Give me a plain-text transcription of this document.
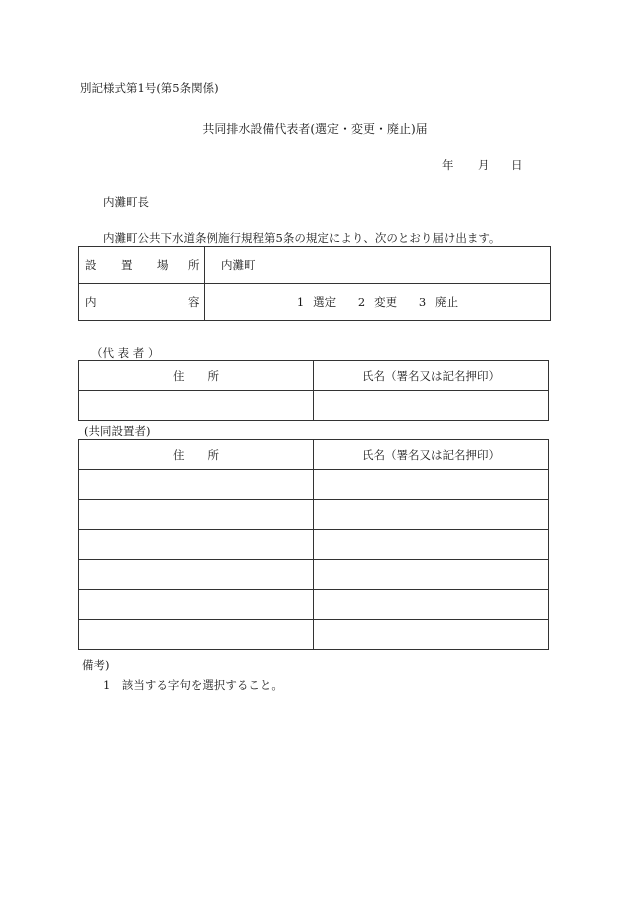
別記様式第1号(第5条関係)
共同排水設備代表者(選定・変更・廃止)届
年 月 日
内灘町長
内灘町公共下水道条例施行規程第5条の規定により、次のとおり届け出ます。
設 置 場 所	内灘町

内 容	1 選定 2 変更 3 廃止
（代 表 者 ）
住　　所	氏名（署名又は記名押印）

(共同設置者)
住　　所	氏名（署名又は記名押印）

備考)
1　該当する字句を選択すること。
